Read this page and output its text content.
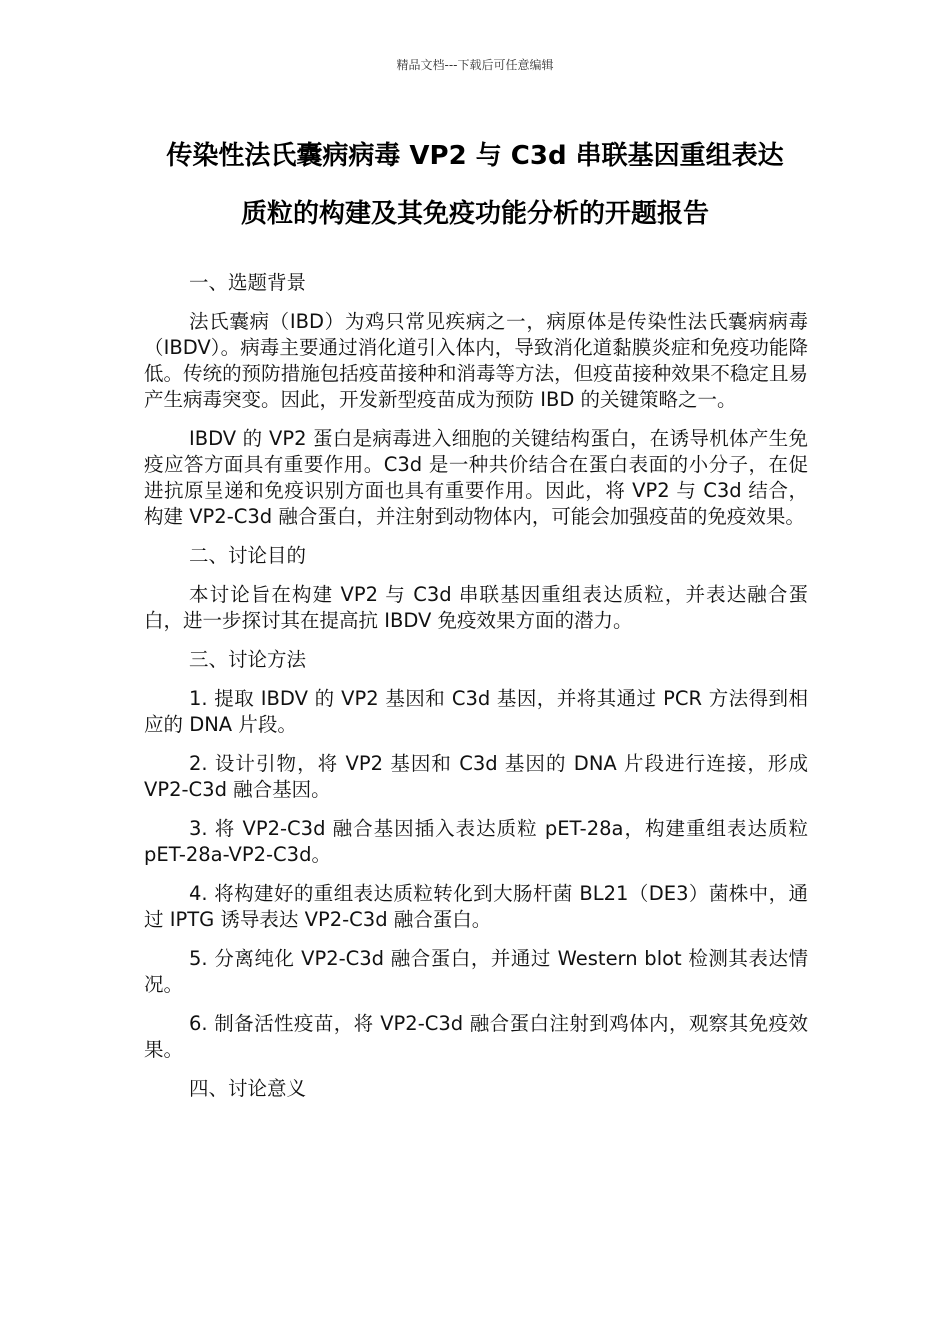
精品文档---下载后可任意编辑
传染性法氏囊病病毒 VP2 与 C3d 串联基因重组表达
质粒的构建及其免疫功能分析的开题报告

一、选题背景

法氏囊病（IBD）为鸡只常见疾病之一，病原体是传染性法氏囊病病毒（IBDV）。病毒主要通过消化道引入体内，导致消化道黏膜炎症和免疫功能降低。传统的预防措施包括疫苗接种和消毒等方法，但疫苗接种效果不稳定且易产生病毒突变。因此，开发新型疫苗成为预防 IBD 的关键策略之一。

IBDV 的 VP2 蛋白是病毒进入细胞的关键结构蛋白，在诱导机体产生免疫应答方面具有重要作用。C3d 是一种共价结合在蛋白表面的小分子，在促进抗原呈递和免疫识别方面也具有重要作用。因此，将 VP2 与 C3d 结合，构建 VP2-C3d 融合蛋白，并注射到动物体内，可能会加强疫苗的免疫效果。

二、讨论目的

本讨论旨在构建 VP2 与 C3d 串联基因重组表达质粒，并表达融合蛋白，进一步探讨其在提高抗 IBDV 免疫效果方面的潜力。

三、讨论方法

1. 提取 IBDV 的 VP2 基因和 C3d 基因，并将其通过 PCR 方法得到相应的 DNA 片段。

2. 设计引物，将 VP2 基因和 C3d 基因的 DNA 片段进行连接，形成 VP2-C3d 融合基因。

3. 将 VP2-C3d 融合基因插入表达质粒 pET-28a，构建重组表达质粒 pET-28a-VP2-C3d。

4. 将构建好的重组表达质粒转化到大肠杆菌 BL21（DE3）菌株中，通过 IPTG 诱导表达 VP2-C3d 融合蛋白。

5. 分离纯化 VP2-C3d 融合蛋白，并通过 Western blot 检测其表达情况。

6. 制备活性疫苗，将 VP2-C3d 融合蛋白注射到鸡体内，观察其免疫效果。

四、讨论意义
